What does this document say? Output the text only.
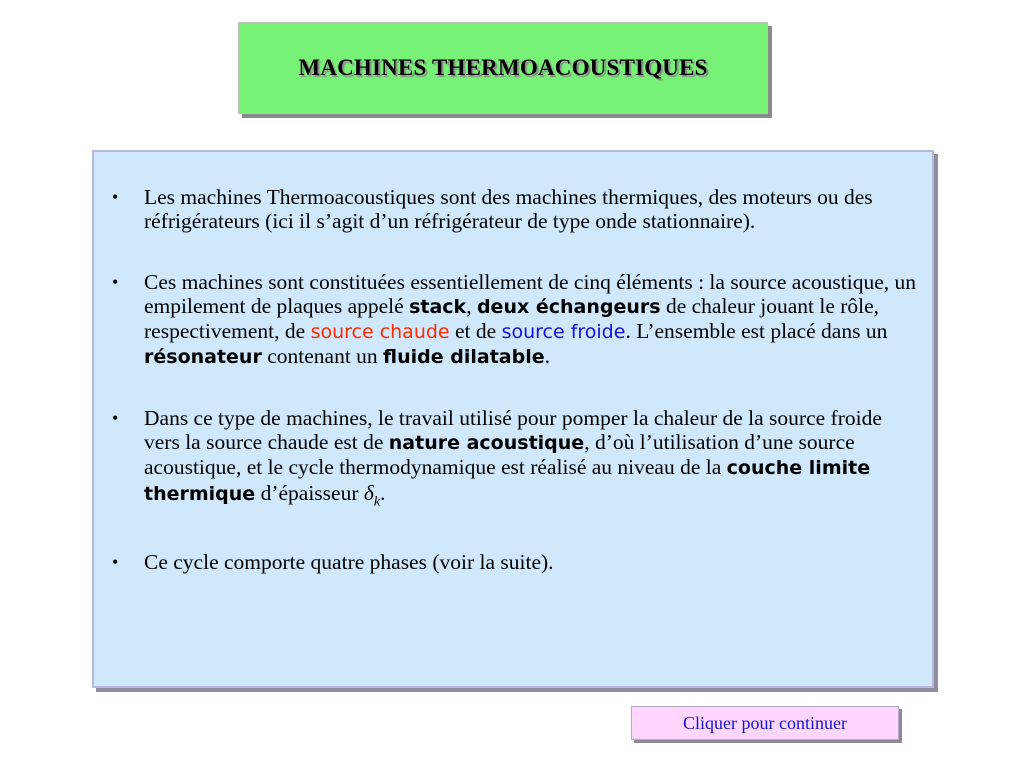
MACHINES THERMOACOUSTIQUES
•	Les machines Thermoacoustiques sont des machines thermiques, des moteurs ou des réfrigérateurs (ici il s’agit d’un réfrigérateur de type onde stationnaire).
•	Ces machines sont constituées essentiellement de cinq éléments : la source acoustique, un empilement de plaques appelé stack, deux échangeurs de chaleur jouant le rôle, respectivement, de source chaude et de source froide. L’ensemble est placé dans un résonateur contenant un fluide dilatable.
•	Dans ce type de machines, le travail utilisé pour pomper la chaleur de la source froide vers la source chaude est de nature acoustique, d’où l’utilisation d’une source acoustique, et le cycle thermodynamique est réalisé au niveau de la couche limite thermique d’épaisseur $\delta_k$.
•	Ce cycle comporte quatre phases (voir la suite).
Cliquer pour continuer
